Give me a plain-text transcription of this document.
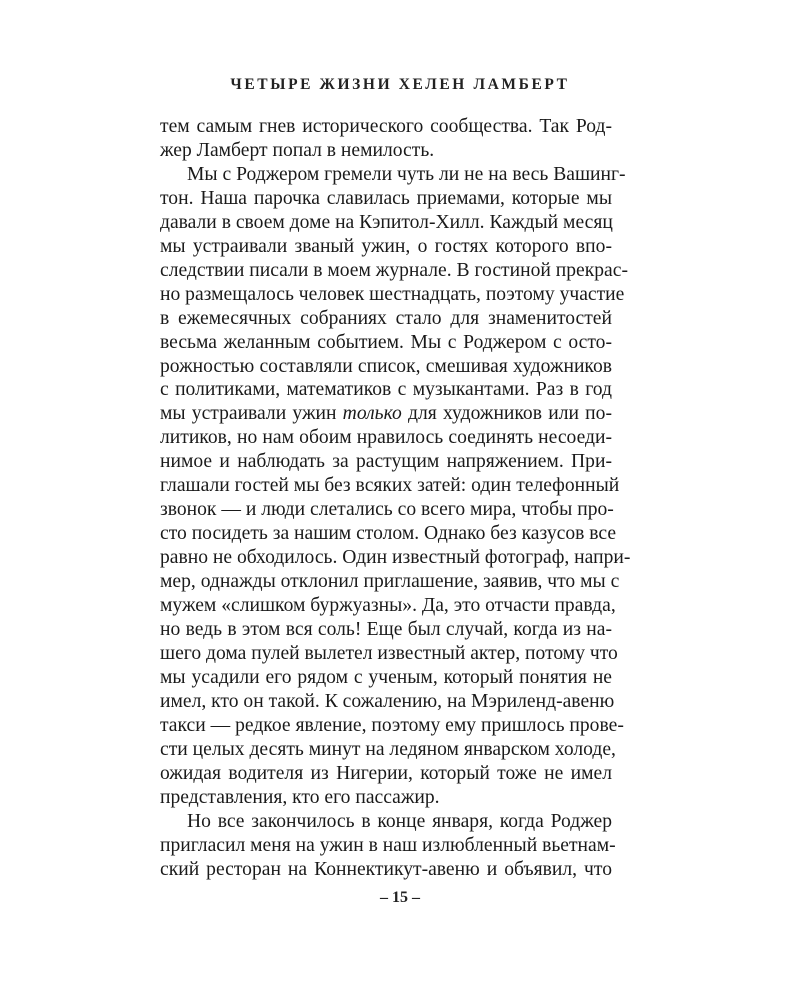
ЧЕТЫРЕ ЖИЗНИ ХЕЛЕН ЛАМБЕРТ
тем самым гнев исторического сообщества. Так Род-
жер Ламберт попал в немилость.
Мы с Роджером гремели чуть ли не на весь Вашинг-
тон. Наша парочка славилась приемами, которые мы
давали в своем доме на Кэпитол-Хилл. Каждый месяц
мы устраивали званый ужин, о гостях которого впо-
следствии писали в моем журнале. В гостиной прекрас-
но размещалось человек шестнадцать, поэтому участие
в ежемесячных собраниях стало для знаменитостей
весьма желанным событием. Мы с Роджером с осто-
рожностью составляли список, смешивая художников
с политиками, математиков с музыкантами. Раз в год
мы устраивали ужин только для художников или по-
литиков, но нам обоим нравилось соединять несоеди-
нимое и наблюдать за растущим напряжением. При-
глашали гостей мы без всяких затей: один телефонный
звонок — и люди слетались со всего мира, чтобы про-
сто посидеть за нашим столом. Однако без казусов все
равно не обходилось. Один известный фотограф, напри-
мер, однажды отклонил приглашение, заявив, что мы с
мужем «слишком буржуазны». Да, это отчасти правда,
но ведь в этом вся соль! Еще был случай, когда из на-
шего дома пулей вылетел известный актер, потому что
мы усадили его рядом с ученым, который понятия не
имел, кто он такой. К сожалению, на Мэриленд-авеню
такси — редкое явление, поэтому ему пришлось прове-
сти целых десять минут на ледяном январском холоде,
ожидая водителя из Нигерии, который тоже не имел
представления, кто его пассажир.
Но все закончилось в конце января, когда Роджер
пригласил меня на ужин в наш излюбленный вьетнам-
ский ресторан на Коннектикут-авеню и объявил, что
– 15 –
